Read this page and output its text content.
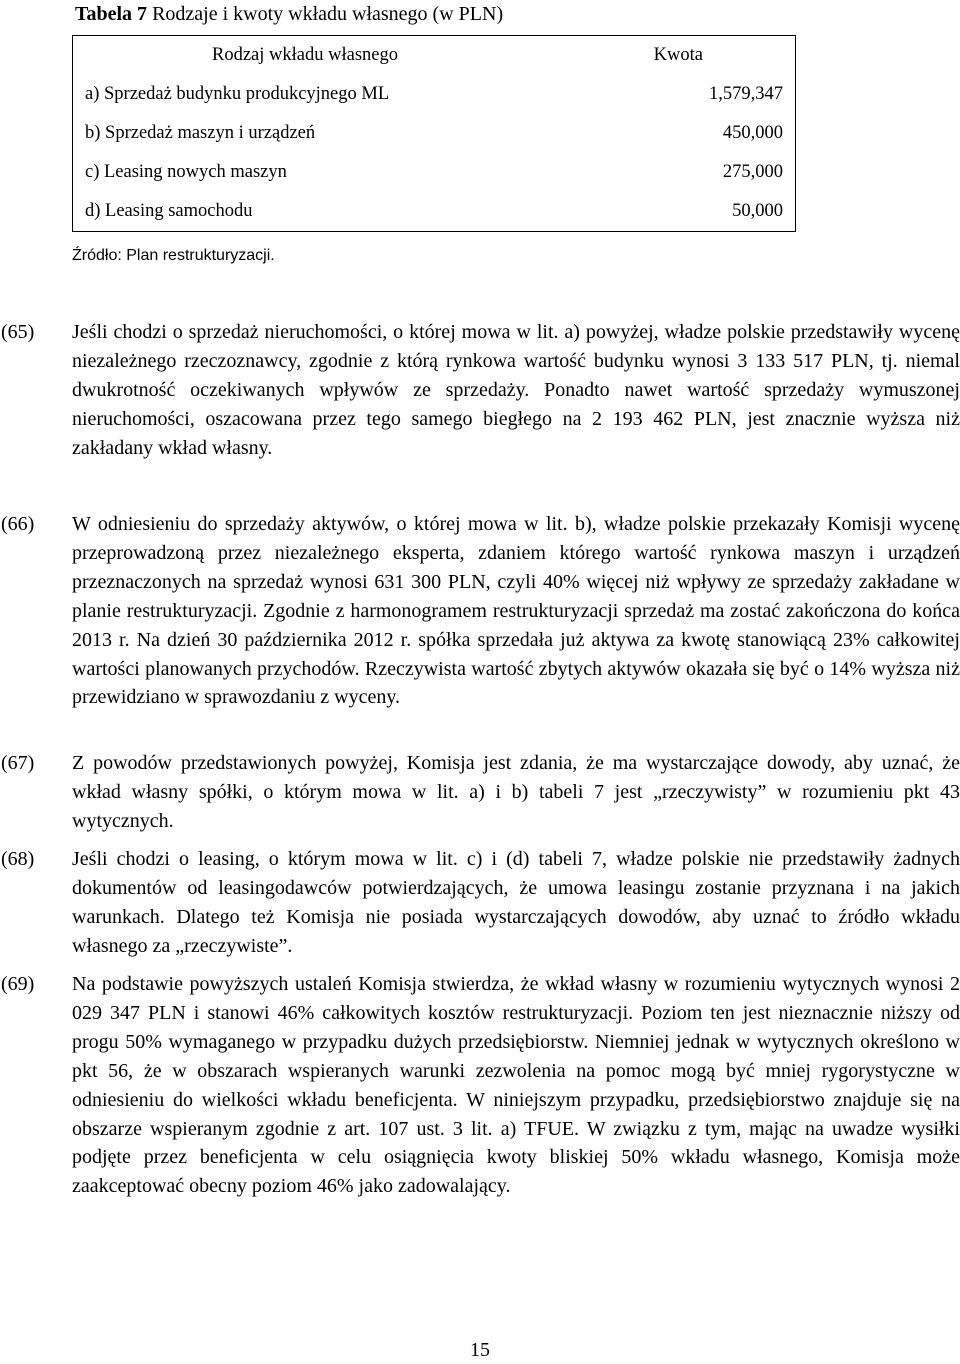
Tabela 7 Rodzaje i kwoty wkładu własnego (w PLN)
Rodzaj wkładu własnego	Kwota
a) Sprzedaż budynku produkcyjnego ML	1,579,347
b) Sprzedaż maszyn i urządzeń	450,000
c) Leasing nowych maszyn	275,000
d) Leasing samochodu	50,000

Źródło: Plan restrukturyzacji.

(65) Jeśli chodzi o sprzedaż nieruchomości, o której mowa w lit. a) powyżej, władze polskie przedstawiły wycenę niezależnego rzeczoznawcy, zgodnie z którą rynkowa wartość budynku wynosi 3 133 517 PLN, tj. niemal dwukrotność oczekiwanych wpływów ze sprzedaży. Ponadto nawet wartość sprzedaży wymuszonej nieruchomości, oszacowana przez tego samego biegłego na 2 193 462 PLN, jest znacznie wyższa niż zakładany wkład własny.

(66) W odniesieniu do sprzedaży aktywów, o której mowa w lit. b), władze polskie przekazały Komisji wycenę przeprowadzoną przez niezależnego eksperta, zdaniem którego wartość rynkowa maszyn i urządzeń przeznaczonych na sprzedaż wynosi 631 300 PLN, czyli 40% więcej niż wpływy ze sprzedaży zakładane w planie restrukturyzacji. Zgodnie z harmonogramem restrukturyzacji sprzedaż ma zostać zakończona do końca 2013 r. Na dzień 30 października 2012 r. spółka sprzedała już aktywa za kwotę stanowiącą 23% całkowitej wartości planowanych przychodów. Rzeczywista wartość zbytych aktywów okazała się być o 14% wyższa niż przewidziano w sprawozdaniu z wyceny.

(67) Z powodów przedstawionych powyżej, Komisja jest zdania, że ma wystarczające dowody, aby uznać, że wkład własny spółki, o którym mowa w lit. a) i b) tabeli 7 jest „rzeczywisty” w rozumieniu pkt 43 wytycznych.

(68) Jeśli chodzi o leasing, o którym mowa w lit. c) i (d) tabeli 7, władze polskie nie przedstawiły żadnych dokumentów od leasingodawców potwierdzających, że umowa leasingu zostanie przyznana i na jakich warunkach. Dlatego też Komisja nie posiada wystarczających dowodów, aby uznać to źródło wkładu własnego za „rzeczywiste”.

(69) Na podstawie powyższych ustaleń Komisja stwierdza, że wkład własny w rozumieniu wytycznych wynosi 2 029 347 PLN i stanowi 46% całkowitych kosztów restrukturyzacji. Poziom ten jest nieznacznie niższy od progu 50% wymaganego w przypadku dużych przedsiębiorstw. Niemniej jednak w wytycznych określono w pkt 56, że w obszarach wspieranych warunki zezwolenia na pomoc mogą być mniej rygorystyczne w odniesieniu do wielkości wkładu beneficjenta. W niniejszym przypadku, przedsiębiorstwo znajduje się na obszarze wspieranym zgodnie z art. 107 ust. 3 lit. a) TFUE. W związku z tym, mając na uwadze wysiłki podjęte przez beneficjenta w celu osiągnięcia kwoty bliskiej 50% wkładu własnego, Komisja może zaakceptować obecny poziom 46% jako zadowalający.

15
